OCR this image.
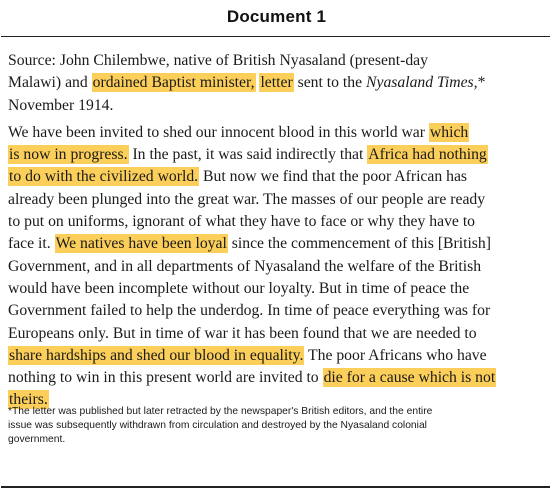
Document 1
Source: John Chilembwe, native of British Nyasaland (present-day
Malawi) and ordained Baptist minister, letter sent to the Nyasaland Times,*
November 1914.
We have been invited to shed our innocent blood in this world war which
is now in progress. In the past, it was said indirectly that Africa had nothing
to do with the civilized world. But now we find that the poor African has
already been plunged into the great war. The masses of our people are ready
to put on uniforms, ignorant of what they have to face or why they have to
face it. We natives have been loyal since the commencement of this [British]
Government, and in all departments of Nyasaland the welfare of the British
would have been incomplete without our loyalty. But in time of peace the
Government failed to help the underdog. In time of peace everything was for
Europeans only. But in time of war it has been found that we are needed to
share hardships and shed our blood in equality. The poor Africans who have
nothing to win in this present world are invited to die for a cause which is not
theirs.
*The letter was published but later retracted by the newspaper's British editors, and the entire
issue was subsequently withdrawn from circulation and destroyed by the Nyasaland colonial
government.
